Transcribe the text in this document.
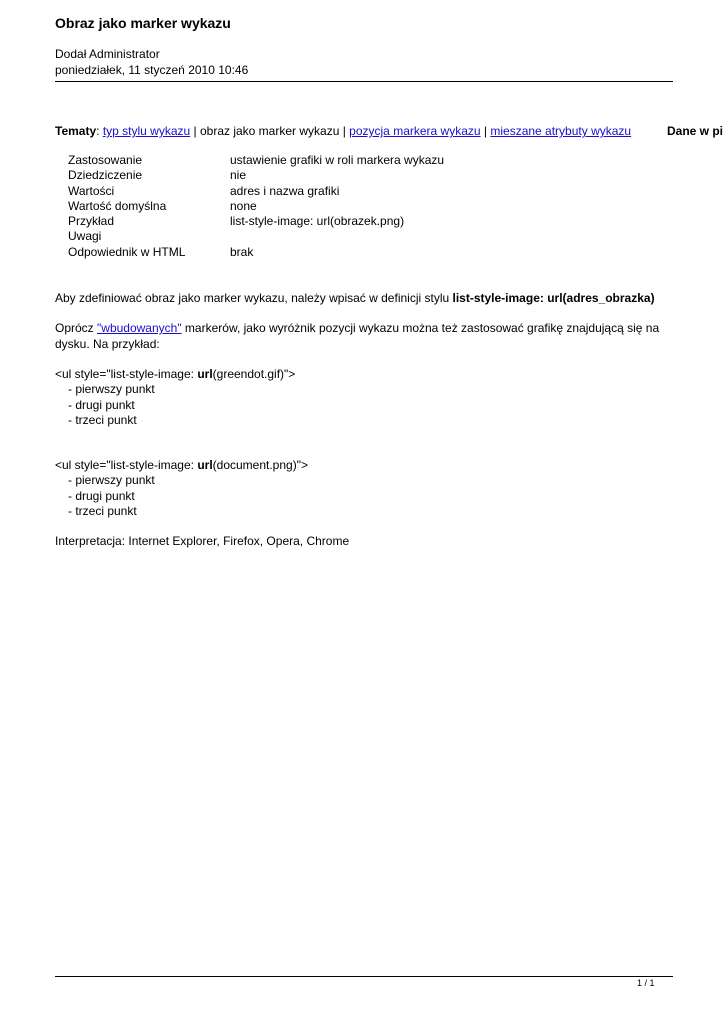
Obraz jako marker wykazu
Dodał Administrator
poniedziałek, 11 styczeń 2010 10:46
Tematy: typ stylu wykazu | obraz jako marker wykazu | pozycja markera wykazu | mieszane atrybuty wykazu	Dane w pi
Zastosowanie	ustawienie grafiki w roli markera wykazu
Dziedziczenie	nie
Wartości	adres i nazwa grafiki
Wartość domyślna	none
Przykład	list-style-image: url(obrazek.png)
Uwagi
Odpowiednik w HTML	brak
Aby zdefiniować obraz jako marker wykazu, należy wpisać w definicji stylu list-style-image: url(adres_obrazka)
Oprócz "wbudowanych" markerów, jako wyróżnik pozycji wykazu można też zastosować grafikę znajdującą się na dysku. Na przykład:
<ul style="list-style-image: url(greendot.gif)">
- pierwszy punkt
- drugi punkt
- trzeci punkt
<ul style="list-style-image: url(document.png)">
- pierwszy punkt
- drugi punkt
- trzeci punkt
Interpretacja: Internet Explorer, Firefox, Opera, Chrome
1 / 1
